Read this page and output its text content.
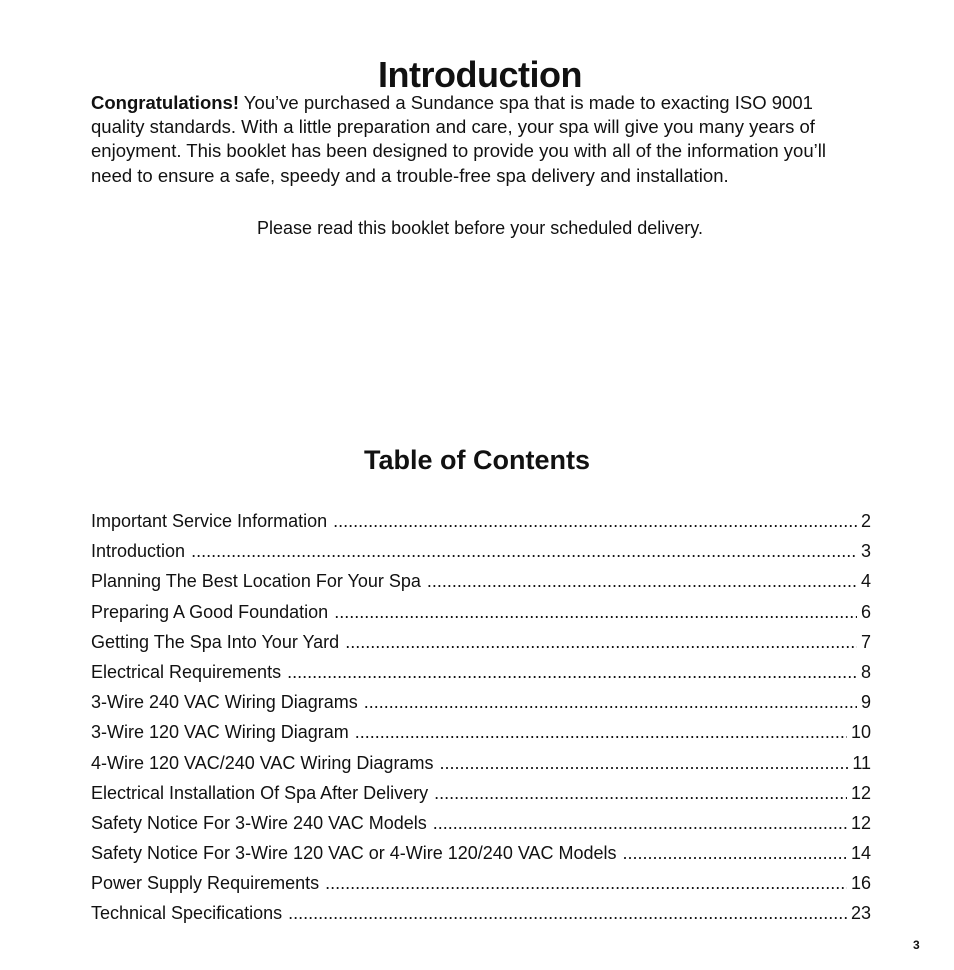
Introduction

Congratulations! You’ve purchased a Sundance spa that is made to exacting ISO 9001 quality standards. With a little preparation and care, your spa will give you many years of enjoyment. This booklet has been designed to provide you with all of the information you’ll need to ensure a safe, speedy and a trouble-free spa delivery and installation.

Please read this booklet before your scheduled delivery.

Table of Contents
Important Service Information .....	2
Introduction .....	3
Planning The Best Location For Your Spa .....	4
Preparing A Good Foundation .....	6
Getting The Spa Into Your Yard .....	7
Electrical Requirements .....	8
3-Wire 240 VAC Wiring Diagrams .....	9
3-Wire 120 VAC Wiring Diagram .....	10
4-Wire 120 VAC/240 VAC Wiring Diagrams .....	11
Electrical Installation Of Spa After Delivery .....	12
Safety Notice For 3-Wire 240 VAC Models .....	12
Safety Notice For 3-Wire 120 VAC or 4-Wire 120/240 VAC Models .....	14
Power Supply Requirements .....	16
Technical Specifications .....	23
3
